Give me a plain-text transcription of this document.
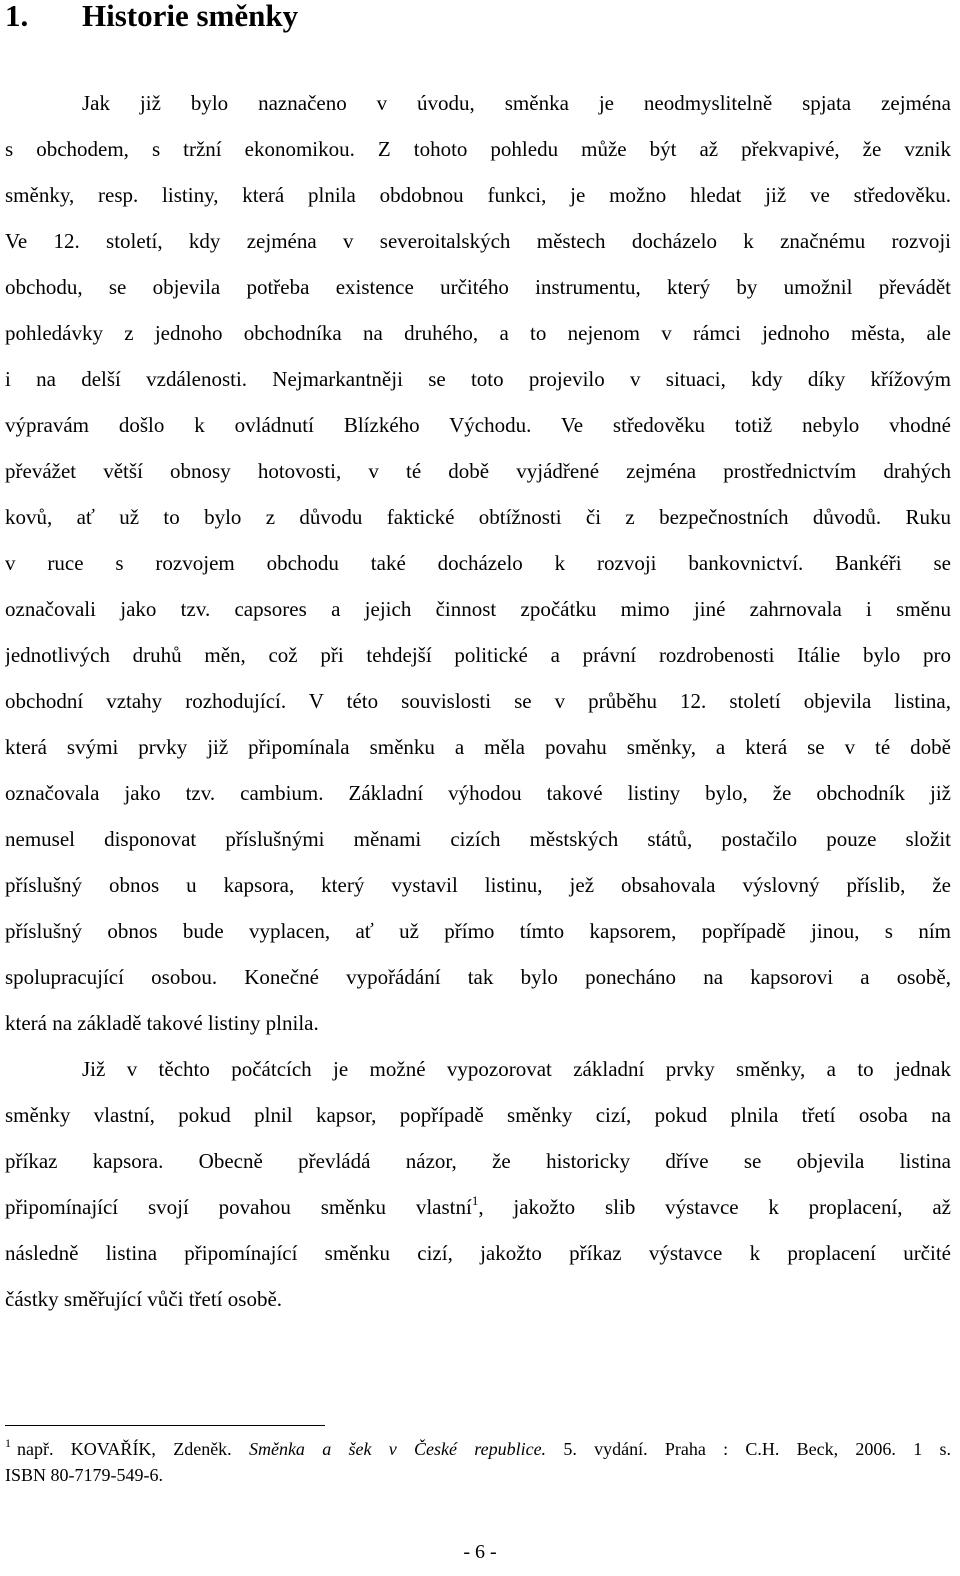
1. Historie směnky
Jak již bylo naznačeno v úvodu, směnka je neodmyslitelně spjata zejména
s obchodem, s tržní ekonomikou. Z tohoto pohledu může být až překvapivé, že vznik
směnky, resp. listiny, která plnila obdobnou funkci, je možno hledat již ve středověku.
Ve 12. století, kdy zejména v severoitalských městech docházelo k značnému rozvoji
obchodu, se objevila potřeba existence určitého instrumentu, který by umožnil převádět
pohledávky z jednoho obchodníka na druhého, a to nejenom v rámci jednoho města, ale
i na delší vzdálenosti. Nejmarkantněji se toto projevilo v situaci, kdy díky křížovým
výpravám došlo k ovládnutí Blízkého Východu. Ve středověku totiž nebylo vhodné
převážet větší obnosy hotovosti, v té době vyjádřené zejména prostřednictvím drahých
kovů, ať už to bylo z důvodu faktické obtížnosti či z bezpečnostních důvodů. Ruku
v ruce s rozvojem obchodu také docházelo k rozvoji bankovnictví. Bankéři se
označovali jako tzv. capsores a jejich činnost zpočátku mimo jiné zahrnovala i směnu
jednotlivých druhů měn, což při tehdejší politické a právní rozdrobenosti Itálie bylo pro
obchodní vztahy rozhodující. V této souvislosti se v průběhu 12. století objevila listina,
která svými prvky již připomínala směnku a měla povahu směnky, a která se v té době
označovala jako tzv. cambium. Základní výhodou takové listiny bylo, že obchodník již
nemusel disponovat příslušnými měnami cizích městských států, postačilo pouze složit
příslušný obnos u kapsora, který vystavil listinu, jež obsahovala výslovný příslib, že
příslušný obnos bude vyplacen, ať už přímo tímto kapsorem, popřípadě jinou, s ním
spolupracující osobou. Konečné vypořádání tak bylo ponecháno na kapsorovi a osobě,
která na základě takové listiny plnila.
Již v těchto počátcích je možné vypozorovat základní prvky směnky, a to jednak
směnky vlastní, pokud plnil kapsor, popřípadě směnky cizí, pokud plnila třetí osoba na
příkaz kapsora. Obecně převládá názor, že historicky dříve se objevila listina
připomínající svojí povahou směnku vlastní$^1$, jakožto slib výstavce k proplacení, až
následně listina připomínající směnku cizí, jakožto příkaz výstavce k proplacení určité
částky směřující vůči třetí osobě.
$^1$ např. KOVAŘÍK, Zdeněk. Směnka a šek v České republice. 5. vydání. Praha : C.H. Beck, 2006. 1 s.
ISBN 80-7179-549-6.
- 6 -
